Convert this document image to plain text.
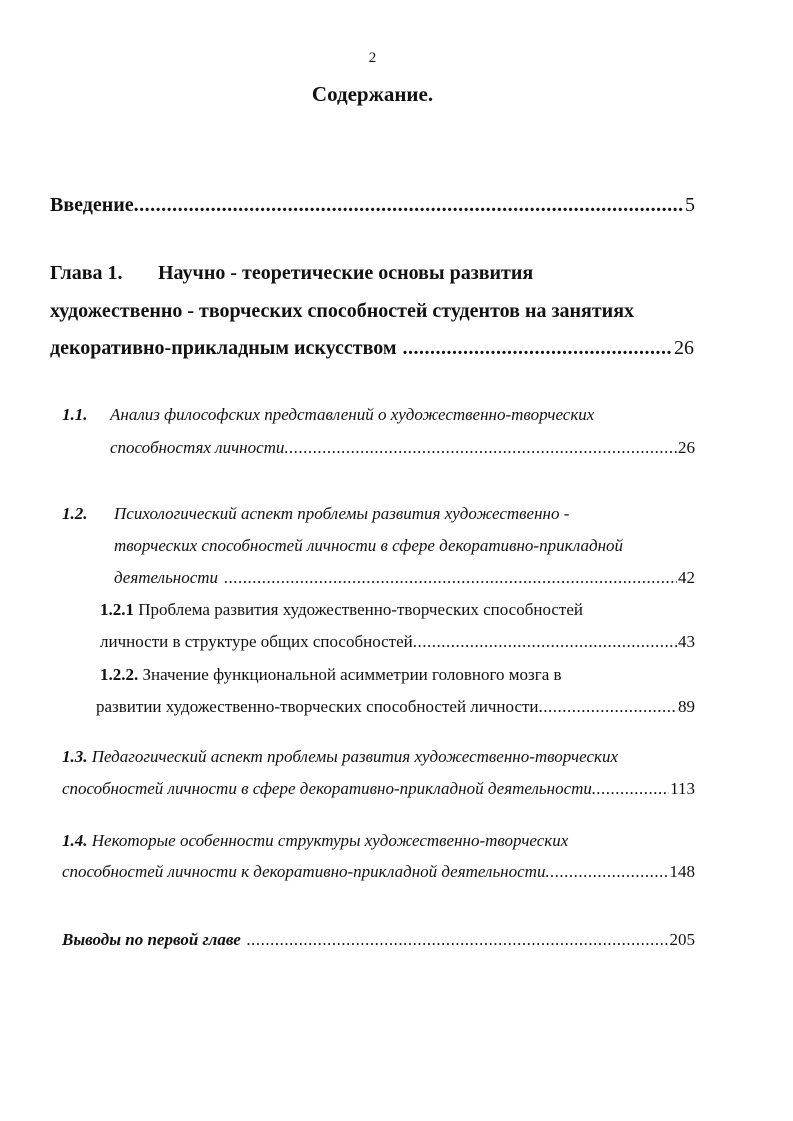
2
Содержание.
Введение .....	5
Глава 1. Научно - теоретические основы развития
художественно - творческих способностей студентов на занятиях
декоративно-прикладным искусством .....	26
1.1. Анализ философских представлений о художественно-творческих
способностях личности .....	26
1.2. Психологический аспект проблемы развития художественно -
творческих способностей личности в сфере декоративно-прикладной
деятельности .....	42
1.2.1 Проблема развития художественно-творческих способностей
личности в структуре общих способностей .....	43
1.2.2. Значение функциональной асимметрии головного мозга в
развитии художественно-творческих способностей личности .....	89
1.3. Педагогический аспект проблемы развития художественно-творческих
способностей личности в сфере декоративно-прикладной деятельности .....	113
1.4. Некоторые особенности структуры художественно-творческих
способностей личности к декоративно-прикладной деятельности .....	148
Выводы по первой главе .....	205
